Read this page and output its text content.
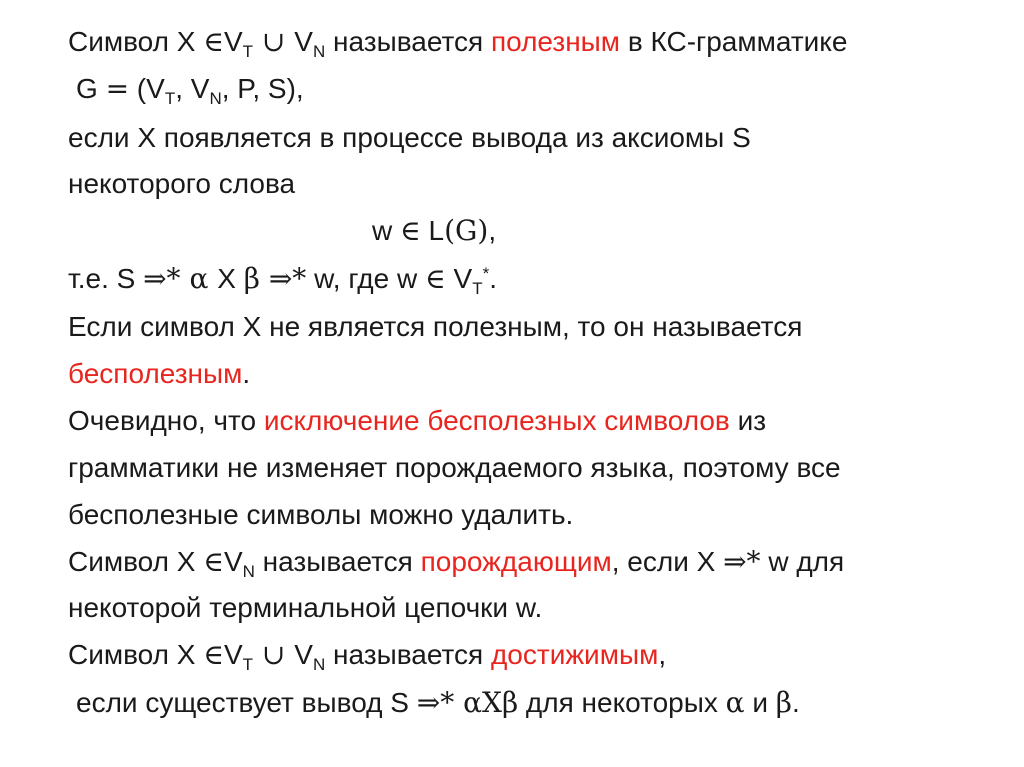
Символ X $\in V_T$ ∪ $V_N$ называется полезным в КС-грамматике
$G = (V_T$, $V_N$, P, S),
если X появляется в процессе вывода из аксиомы S
некоторого слова
w ∈ L(G),
т.е. S ⇒* α X β ⇒* w, где w ∈ $V_T^*$.
Если символ X не является полезным, то он называется
бесполезным.
Очевидно, что исключение бесполезных символов из
грамматики не изменяет порождаемого языка, поэтому все
бесполезные символы можно удалить.
Символ X $\in V_N$ называется порождающим, если X ⇒* w для
некоторой терминальной цепочки w.
Символ X $\in V_T$ ∪ $V_N$ называется достижимым,
если существует вывод S ⇒* αXβ для некоторых α и β.
